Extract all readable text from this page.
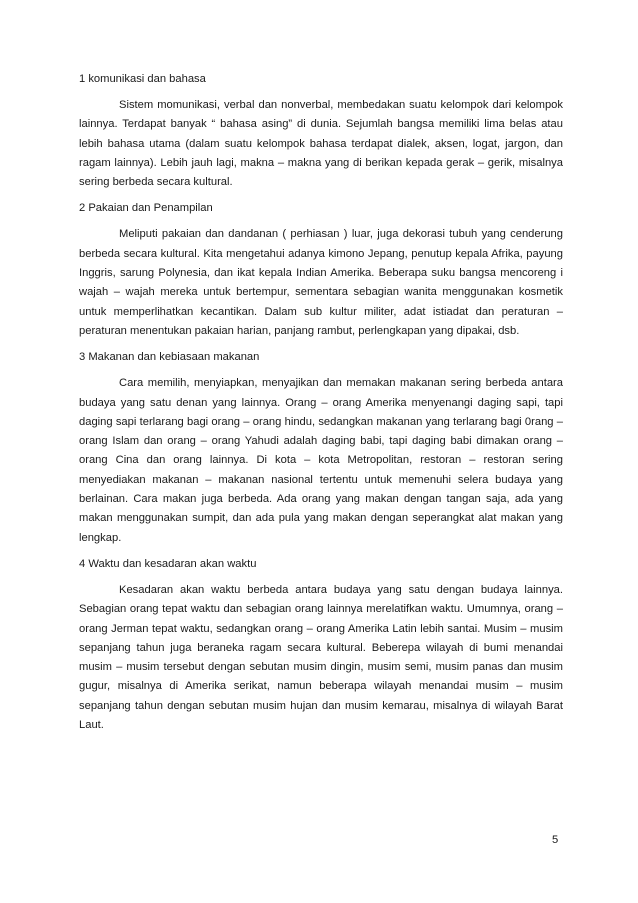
1 komunikasi dan bahasa

Sistem momunikasi, verbal dan nonverbal, membedakan suatu kelompok dari kelompok lainnya. Terdapat banyak “ bahasa asing” di dunia. Sejumlah bangsa memiliki lima belas atau lebih bahasa utama (dalam suatu kelompok bahasa terdapat dialek, aksen, logat, jargon, dan ragam lainnya). Lebih jauh lagi, makna – makna yang di berikan kepada gerak – gerik, misalnya sering berbeda secara kultural.

2 Pakaian dan Penampilan

Meliputi pakaian dan dandanan ( perhiasan ) luar, juga dekorasi tubuh yang cenderung berbeda secara kultural. Kita mengetahui adanya kimono Jepang, penutup kepala Afrika, payung Inggris, sarung Polynesia, dan ikat kepala Indian Amerika. Beberapa suku bangsa mencoreng i wajah – wajah mereka untuk bertempur, sementara sebagian wanita menggunakan kosmetik untuk memperlihatkan kecantikan. Dalam sub kultur militer, adat istiadat dan peraturan – peraturan menentukan pakaian harian, panjang rambut, perlengkapan yang dipakai, dsb.

3 Makanan dan kebiasaan makanan

Cara memilih, menyiapkan, menyajikan dan memakan makanan sering berbeda antara budaya yang satu denan yang lainnya. Orang – orang Amerika menyenangi daging sapi, tapi daging sapi terlarang bagi orang – orang hindu, sedangkan makanan yang terlarang bagi 0rang – orang Islam dan orang – orang Yahudi adalah daging babi, tapi daging babi dimakan orang – orang Cina dan orang lainnya. Di kota – kota Metropolitan, restoran – restoran sering menyediakan makanan – makanan nasional tertentu untuk memenuhi selera budaya yang berlainan. Cara makan juga berbeda. Ada orang yang makan dengan tangan saja, ada yang makan menggunakan sumpit, dan ada pula yang makan dengan seperangkat alat makan yang lengkap.

4 Waktu dan kesadaran akan waktu

Kesadaran akan waktu berbeda antara budaya yang satu dengan budaya lainnya. Sebagian orang tepat waktu dan sebagian orang lainnya merelatifkan waktu. Umumnya, orang – orang Jerman tepat waktu, sedangkan orang – orang Amerika Latin lebih santai. Musim – musim sepanjang tahun juga beraneka ragam secara kultural. Beberepa wilayah di bumi menandai musim – musim tersebut dengan sebutan musim dingin, musim semi, musim panas dan musim gugur, misalnya di Amerika serikat, namun beberapa wilayah menandai musim – musim sepanjang tahun dengan sebutan musim hujan dan musim kemarau, misalnya di wilayah Barat Laut.

5
